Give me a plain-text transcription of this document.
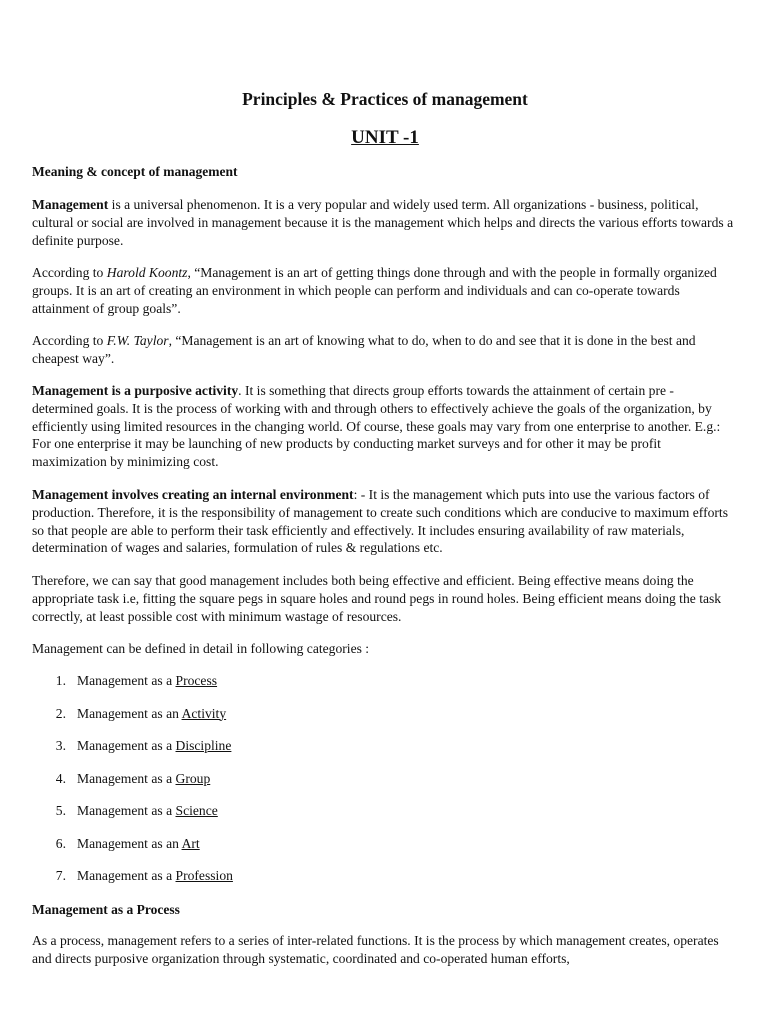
Principles & Practices of management
UNIT -1
Meaning & concept of management

Management is a universal phenomenon. It is a very popular and widely used term. All organizations - business, political, cultural or social are involved in management because it is the management which helps and directs the various efforts towards a definite purpose.

According to Harold Koontz, “Management is an art of getting things done through and with the people in formally organized groups. It is an art of creating an environment in which people can perform and individuals and can co-operate towards attainment of group goals”.

According to F.W. Taylor, “Management is an art of knowing what to do, when to do and see that it is done in the best and cheapest way”.

Management is a purposive activity. It is something that directs group efforts towards the attainment of certain pre - determined goals. It is the process of working with and through others to effectively achieve the goals of the organization, by efficiently using limited resources in the changing world. Of course, these goals may vary from one enterprise to another. E.g.: For one enterprise it may be launching of new products by conducting market surveys and for other it may be profit maximization by minimizing cost.

Management involves creating an internal environment: - It is the management which puts into use the various factors of production. Therefore, it is the responsibility of management to create such conditions which are conducive to maximum efforts so that people are able to perform their task efficiently and effectively. It includes ensuring availability of raw materials, determination of wages and salaries, formulation of rules & regulations etc.

Therefore, we can say that good management includes both being effective and efficient. Being effective means doing the appropriate task i.e, fitting the square pegs in square holes and round pegs in round holes. Being efficient means doing the task correctly, at least possible cost with minimum wastage of resources.

Management can be defined in detail in following categories :

1. Management as a Process
2. Management as an Activity
3. Management as a Discipline
4. Management as a Group
5. Management as a Science
6. Management as an Art
7. Management as a Profession
Management as a Process

As a process, management refers to a series of inter-related functions. It is the process by which management creates, operates and directs purposive organization through systematic, coordinated and co-operated human efforts,
